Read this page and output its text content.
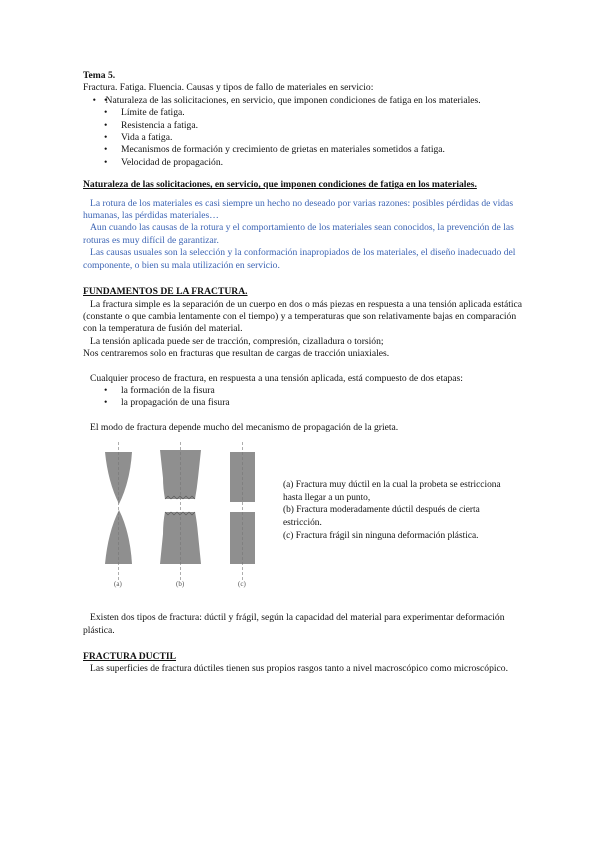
Tema 5.

Fractura. Fatiga. Fluencia. Causas y tipos de fallo de materiales en servicio:

•     •    Naturaleza de las solicitaciones, en servicio, que imponen condiciones de fatiga en los materiales.
• Límite de fatiga.
• Resistencia a fatiga.
• Vida a fatiga.
• Mecanismos de formación y crecimiento de grietas en materiales sometidos a fatiga.
• Velocidad de propagación.

Naturaleza de las solicitaciones, en servicio, que imponen condiciones de fatiga en los materiales.

La rotura de los materiales es casi siempre un hecho no deseado por varias razones: posibles pérdidas de vidas humanas, las pérdidas materiales…

Aun cuando las causas de la rotura y el comportamiento de los materiales sean conocidos, la prevención de las roturas es muy difícil de garantizar.

Las causas usuales son la selección y la conformación inapropiados de los materiales, el diseño inadecuado del componente, o bien su mala utilización en servicio.

FUNDAMENTOS DE LA FRACTURA.

La fractura simple es la separación de un cuerpo en dos o más piezas en respuesta a una tensión aplicada estática (constante o que cambia lentamente con el tiempo) y a temperaturas que son relativamente bajas en comparación con la temperatura de fusión del material.

La tensión aplicada puede ser de tracción, compresión, cizalladura o torsión;

Nos centraremos solo en fracturas que resultan de cargas de tracción uniaxiales.

Cualquier proceso de fractura, en respuesta a una tensión aplicada, está compuesto de dos etapas:

• la formación de la fisura
• la propagación de una fisura

El modo de fractura depende mucho del mecanismo de propagación de la grieta.

(a)	(b)	(c)
(a) Fractura muy dúctil en la cual la probeta se estricciona hasta llegar a un punto,
(b) Fractura moderadamente dúctil después de cierta estricción.
(c) Fractura frágil sin ninguna deformación plástica.

Existen dos tipos de fractura: dúctil y frágil, según la capacidad del material para experimentar deformación plástica.

FRACTURA DUCTIL

Las superficies de fractura dúctiles tienen sus propios rasgos tanto a nivel macroscópico como microscópico.
